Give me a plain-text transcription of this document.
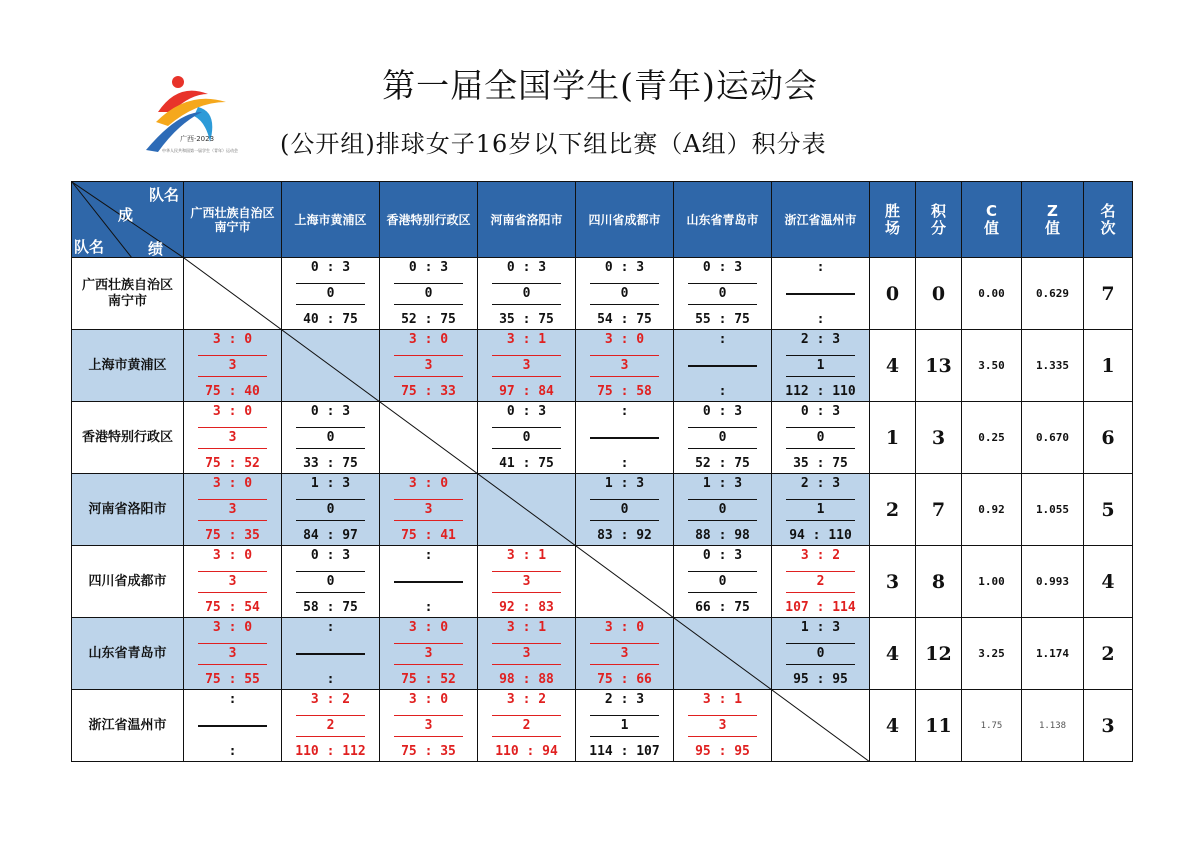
广西·2023
中华人民共和国第一届学生（青年）运动会
第一届全国学生(青年)运动会
(公开组)排球女子16岁以下组比赛（A组）积分表
队名
成
队名 绩	广西壮族自治区
南宁市	上海市黄浦区	香港特别行政区	河南省洛阳市	四川省成都市	山东省青岛市	浙江省温州市	胜
场	积
分	C
值	Z
值	名
次
广西壮族自治区
南宁市		0 : 3
0
40 : 75	0 : 3
0
52 : 75	0 : 3
0
35 : 75	0 : 3
0
54 : 75	0 : 3
0
55 : 75	:
:	0	0	0.00	0.629	7
上海市黄浦区	3 : 0
3
75 : 40		3 : 0
3
75 : 33	3 : 1
3
97 : 84	3 : 0
3
75 : 58	:
:	2 : 3
1
112 : 110	4	13	3.50	1.335	1
香港特别行政区	3 : 0
3
75 : 52	0 : 3
0
33 : 75		0 : 3
0
41 : 75	:
:	0 : 3
0
52 : 75	0 : 3
0
35 : 75	1	3	0.25	0.670	6
河南省洛阳市	3 : 0
3
75 : 35	1 : 3
0
84 : 97	3 : 0
3
75 : 41		1 : 3
0
83 : 92	1 : 3
0
88 : 98	2 : 3
1
94 : 110	2	7	0.92	1.055	5
四川省成都市	3 : 0
3
75 : 54	0 : 3
0
58 : 75	:
:	3 : 1
3
92 : 83		0 : 3
0
66 : 75	3 : 2
2
107 : 114	3	8	1.00	0.993	4
山东省青岛市	3 : 0
3
75 : 55	:
:	3 : 0
3
75 : 52	3 : 1
3
98 : 88	3 : 0
3
75 : 66		1 : 3
0
95 : 95	4	12	3.25	1.174	2
浙江省温州市	:
:	3 : 2
2
110 : 112	3 : 0
3
75 : 35	3 : 2
2
110 : 94	2 : 3
1
114 : 107	3 : 1
3
95 : 95		4	11	1.75	1.138	3
